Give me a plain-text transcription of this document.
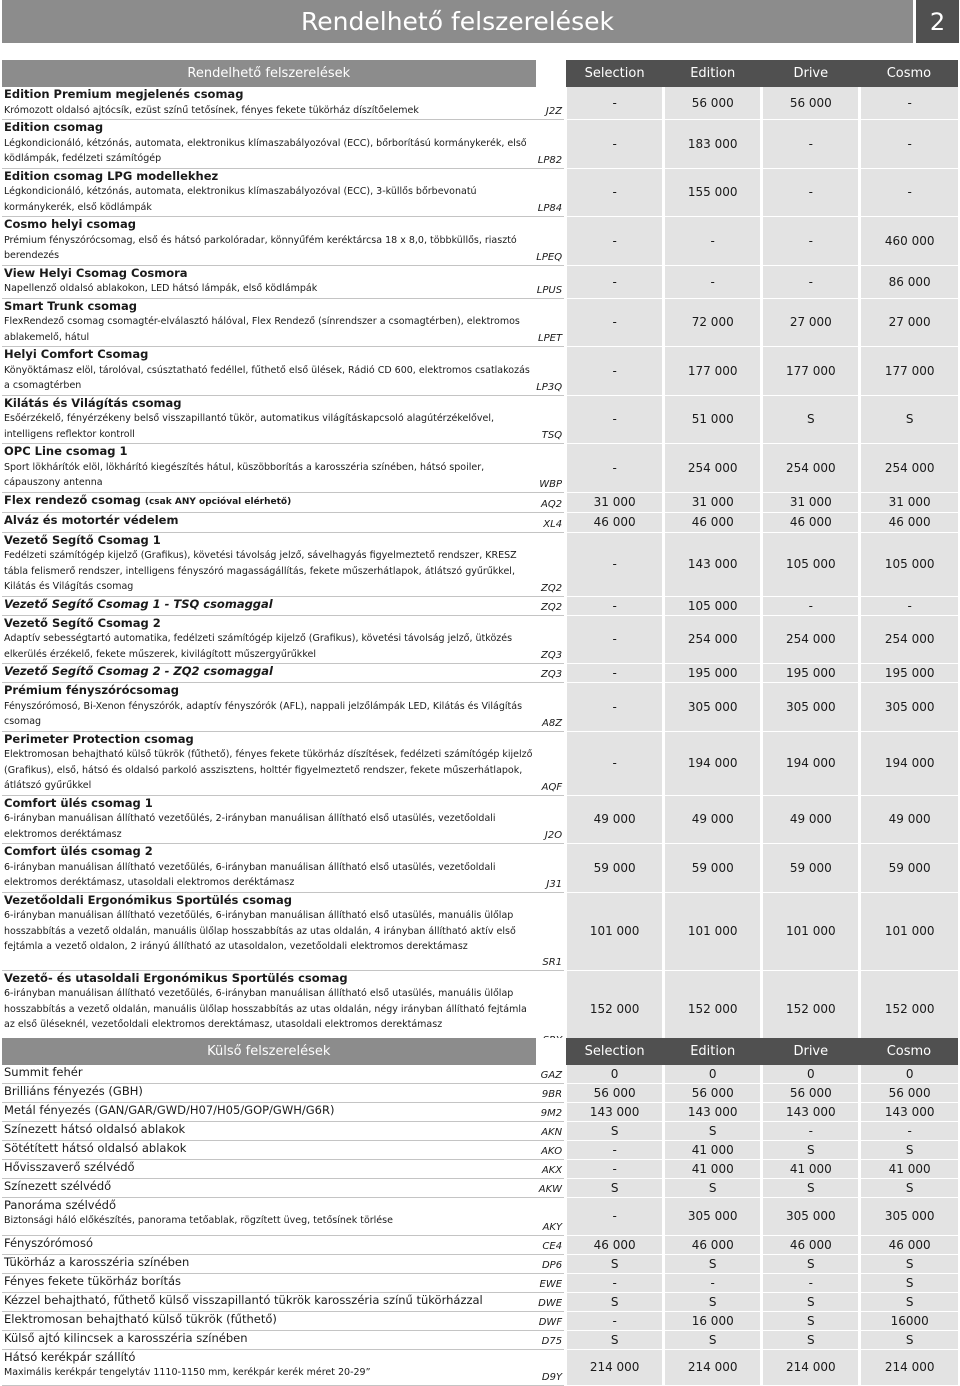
Rendelhető felszerelések	2
Rendelhető felszerelések		Selection	Edition	Drive	Cosmo

Edition Premium megjelenés csomag
Krómozott oldalsó ajtócsík, ezüst színű tetősínek, fényes fekete tükörház díszítőelemek	J2Z	-	56 000	56 000	-

Edition csomag
Légkondicionáló, kétzónás, automata, elektronikus klímaszabályozóval (ECC), bőrborítású kormánykerék, első ködlámpák, fedélzeti számítógép	LP82	-	183 000	-	-

Edition csomag LPG modellekhez
Légkondicionáló, kétzónás, automata, elektronikus klímaszabályozóval (ECC), 3-küllős bőrbevonatú kormánykerék, első ködlámpák	LP84	-	155 000	-	-

Cosmo helyi csomag
Prémium fényszórócsomag, első és hátsó parkolóradar, könnyűfém keréktárcsa 18 x 8,0, többküllős, riasztó berendezés	LPEQ	-	-	-	460 000

View Helyi Csomag Cosmora
Napellenző oldalsó ablakokon, LED hátsó lámpák, első ködlámpák	LPUS	-	-	-	86 000

Smart Trunk csomag
FlexRendező csomag csomagtér-elválasztó hálóval, Flex Rendező (sínrendszer a csomagtérben), elektromos ablakemelő, hátul	LPET	-	72 000	27 000	27 000

Helyi Comfort Csomag
Könyöktámasz elöl, tárolóval, csúsztatható fedéllel, fűthető első ülések, Rádió CD 600, elektromos csatlakozás a csomagtérben	LP3Q	-	177 000	177 000	177 000

Kilátás és Világítás csomag
Esőérzékelő, fényérzékeny belső visszapillantó tükör, automatikus világításkapcsoló alagútérzékelővel, intelligens reflektor kontroll	TSQ	-	51 000	S	S

OPC Line csomag 1
Sport lökhárítók elöl, lökhárító kiegészítés hátul, küszöbborítás a karosszéria színében, hátsó spoiler, cápauszony antenna	WBP	-	254 000	254 000	254 000

Flex rendező csomag (csak ANY opcióval elérhető)	AQ2	31 000	31 000	31 000	31 000

Alváz és motortér védelem	XL4	46 000	46 000	46 000	46 000

Vezető Segítő Csomag 1
Fedélzeti számítógép kijelző (Grafikus), követési távolság jelző, sávelhagyás figyelmeztető rendszer, KRESZ tábla felismerő rendszer, intelligens fényszóró magasságállítás, fekete műszerhátlapok, átlátszó gyűrűkkel, Kilátás és Világítás csomag	ZQ2	-	143 000	105 000	105 000

Vezető Segítő Csomag 1 - TSQ csomaggal	ZQ2	-	105 000	-	-

Vezető Segítő Csomag 2
Adaptív sebességtartó automatika, fedélzeti számítógép kijelző (Grafikus), követési távolság jelző, ütközés elkerülés érzékelő, fekete műszerek, kivilágított műszergyűrűkkel	ZQ3	-	254 000	254 000	254 000

Vezető Segítő Csomag 2 - ZQ2 csomaggal	ZQ3	-	195 000	195 000	195 000

Prémium fényszórócsomag
Fényszórómosó, Bi-Xenon fényszórók, adaptív fényszórók (AFL), nappali jelzőlámpák LED, Kilátás és Világítás csomag	A8Z	-	305 000	305 000	305 000

Perimeter Protection csomag
Elektromosan behajtható külső tükrök (fűthető), fényes fekete tükörház díszítések, fedélzeti számítógép kijelző (Grafikus), első, hátsó és oldalsó parkoló asszisztens, holttér figyelmeztető rendszer, fekete műszerhátlapok, átlátszó gyűrűkkel	AQF	-	194 000	194 000	194 000

Comfort ülés csomag 1
6-irányban manuálisan állítható vezetőülés, 2-irányban manuálisan állítható első utasülés, vezetőoldali elektromos deréktámasz	J2O	49 000	49 000	49 000	49 000

Comfort ülés csomag 2
6-irányban manuálisan állítható vezetőülés, 6-irányban manuálisan állítható első utasülés, vezetőoldali elektromos deréktámasz, utasoldali elektromos deréktámasz	J31	59 000	59 000	59 000	59 000

Vezetőoldali Ergonómikus Sportülés csomag
6-irányban manuálisan állítható vezetőülés, 6-irányban manuálisan állítható első utasülés, manuális ülőlap hosszabbítás a vezető oldalán, manuális ülőlap hosszabbítás az utas oldalán, 4 irányban állítható aktív első fejtámla a vezető oldalon, 2 irányú állítható az utasoldalon, vezetőoldali elektromos derektámasz	SR1	101 000	101 000	101 000	101 000

Vezető- és utasoldali Ergonómikus Sportülés csomag
6-irányban manuálisan állítható vezetőülés, 6-irányban manuálisan állítható első utasülés, manuális ülőlap hosszabbítás a vezető oldalán, manuális ülőlap hosszabbítás az utas oldalán, négy irányban állítható fejtámla az első üléseknél, vezetőoldali elektromos derektámasz, utasoldali elektromos derektámasz		152 000	152 000	152 000	152 000
Külső felszerelések		Selection	Edition	Drive	Cosmo

Summit fehér	GAZ	0	0	0	0

Brilliáns fényezés (GBH)	9BR	56 000	56 000	56 000	56 000

Metál fényezés (GAN/GAR/GWD/H07/H05/GOP/GWH/G6R)	9M2	143 000	143 000	143 000	143 000

Színezett hátsó oldalsó ablakok	AKN	S	S	-	-

Sötétített hátsó oldalsó ablakok	AKO	-	41 000	S	S

Hővisszaverő szélvédő	AKX	-	41 000	41 000	41 000

Színezett szélvédő	AKW	S	S	S	S

Panoráma szélvédő
Biztonsági háló előkészítés, panorama tetőablak, rögzített üveg, tetősínek törlése	AKY	-	305 000	305 000	305 000

Fényszórómosó	CE4	46 000	46 000	46 000	46 000

Tükörház a karosszéria színében	DP6	S	S	S	S

Fényes fekete tükörház borítás	EWE	-	-	-	S

Kézzel behajtható, fűthető külső visszapillantó tükrök karosszéria színű tükörházzal	DWE	S	S	S	S

Elektromosan behajtható külső tükrök (fűthető)	DWF	-	16 000	S	16000

Külső ajtó kilincsek a karosszéria színében	D75	S	S	S	S

Hátsó kerékpár szállító
Maximális kerékpár tengelytáv 1110-1150 mm, kerékpár kerék méret 20-29”	D9Y	214 000	214 000	214 000	214 000
